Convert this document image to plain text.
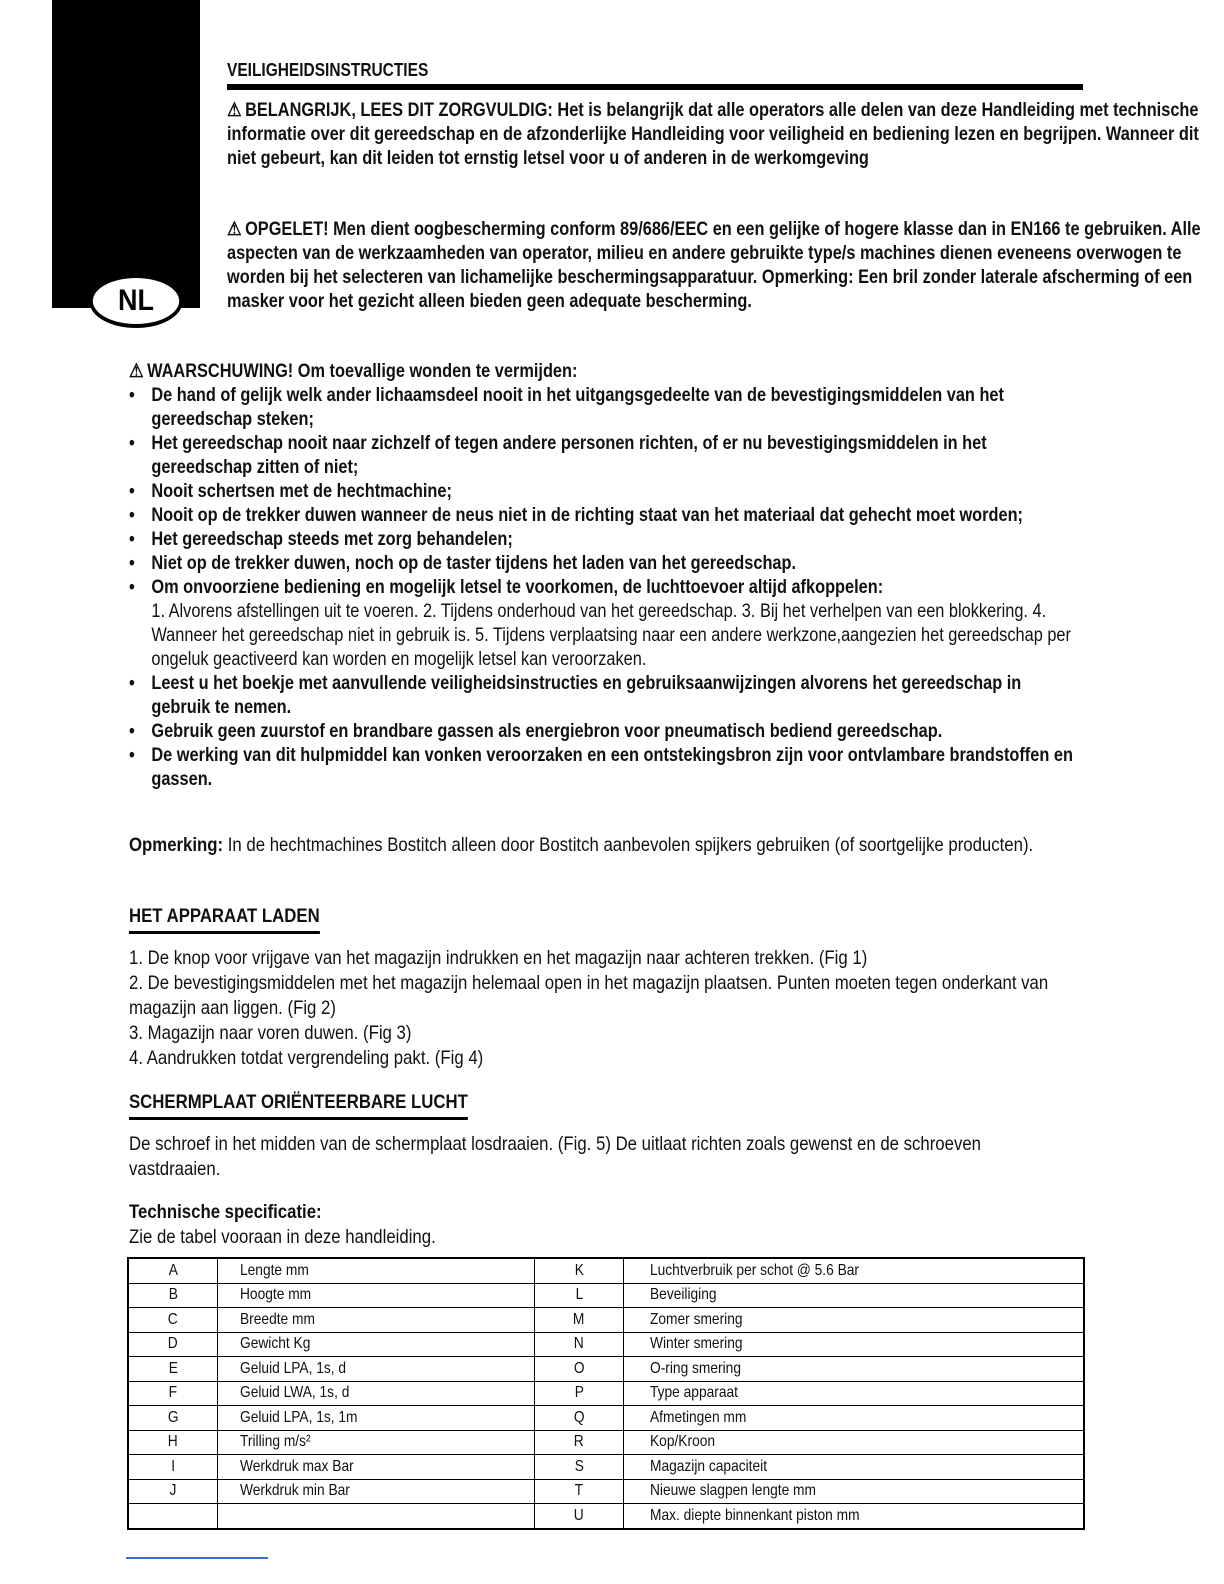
NL
VEILIGHEIDSINSTRUCTIES
⚠ BELANGRIJK, LEES DIT ZORGVULDIG: Het is belangrijk dat alle operators alle delen van deze Handleiding met technische informatie over dit gereedschap en de afzonderlijke Handleiding voor veiligheid en bediening lezen en begrijpen. Wanneer dit niet gebeurt, kan dit leiden tot ernstig letsel voor u of anderen in de werkomgeving
⚠ OPGELET! Men dient oogbescherming conform 89/686/EEC en een gelijke of hogere klasse dan in EN166 te gebruiken. Alle aspecten van de werkzaamheden van operator, milieu en andere gebruikte type/s machines dienen eveneens overwogen te worden bij het selecteren van lichamelijke beschermingsapparatuur. Opmerking: Een bril zonder laterale afscherming of een masker voor het gezicht alleen bieden geen adequate bescherming.
⚠ WAARSCHUWING! Om toevallige wonden te vermijden:
• De hand of gelijk welk ander lichaamsdeel nooit in het uitgangsgedeelte van de bevestigingsmiddelen van het gereedschap steken;
• Het gereedschap nooit naar zichzelf of tegen andere personen richten, of er nu bevestigingsmiddelen in het gereedschap zitten of niet;
• Nooit schertsen met de hechtmachine;
• Nooit op de trekker duwen wanneer de neus niet in de richting staat van het materiaal dat gehecht moet worden;
• Het gereedschap steeds met zorg behandelen;
• Niet op de trekker duwen, noch op de taster tijdens het laden van het gereedschap.
• Om onvoorziene bediening en mogelijk letsel te voorkomen, de luchttoevoer altijd afkoppelen:
1. Alvorens afstellingen uit te voeren. 2. Tijdens onderhoud van het gereedschap. 3. Bij het verhelpen van een blokkering. 4. Wanneer het gereedschap niet in gebruik is. 5. Tijdens verplaatsing naar een andere werkzone,aangezien het gereedschap per ongeluk geactiveerd kan worden en mogelijk letsel kan veroorzaken.
• Leest u het boekje met aanvullende veiligheidsinstructies en gebruiksaanwijzingen alvorens het gereedschap in gebruik te nemen.
• Gebruik geen zuurstof en brandbare gassen als energiebron voor pneumatisch bediend gereedschap.
• De werking van dit hulpmiddel kan vonken veroorzaken en een ontstekingsbron zijn voor ontvlambare brandstoffen en gassen.
Opmerking: In de hechtmachines Bostitch alleen door Bostitch aanbevolen spijkers gebruiken (of soortgelijke producten).
HET APPARAAT LADEN
1. De knop voor vrijgave van het magazijn indrukken en het magazijn naar achteren trekken. (Fig 1)
2. De bevestigingsmiddelen met het magazijn helemaal open in het magazijn plaatsen. Punten moeten tegen onderkant van magazijn aan liggen. (Fig 2)
3. Magazijn naar voren duwen. (Fig 3)
4. Aandrukken totdat vergrendeling pakt. (Fig 4)
SCHERMPLAAT ORIËNTEERBARE LUCHT
De schroef in het midden van de schermplaat losdraaien. (Fig. 5) De uitlaat richten zoals gewenst en de schroeven vastdraaien.
Technische specificatie:
Zie de tabel vooraan in deze handleiding.
A	Lengte mm	K	Luchtverbruik per schot @ 5.6 Bar
B	Hoogte mm	L	Beveiliging
C	Breedte mm	M	Zomer smering
D	Gewicht Kg	N	Winter smering
E	Geluid LPA, 1s, d	O	O-ring smering
F	Geluid LWA, 1s, d	P	Type apparaat
G	Geluid LPA, 1s, 1m	Q	Afmetingen mm
H	Trilling m/s²	R	Kop/Kroon
I	Werkdruk max Bar	S	Magazijn capaciteit
J	Werkdruk min Bar	T	Nieuwe slagpen lengte mm
		U	Max. diepte binnenkant piston mm
